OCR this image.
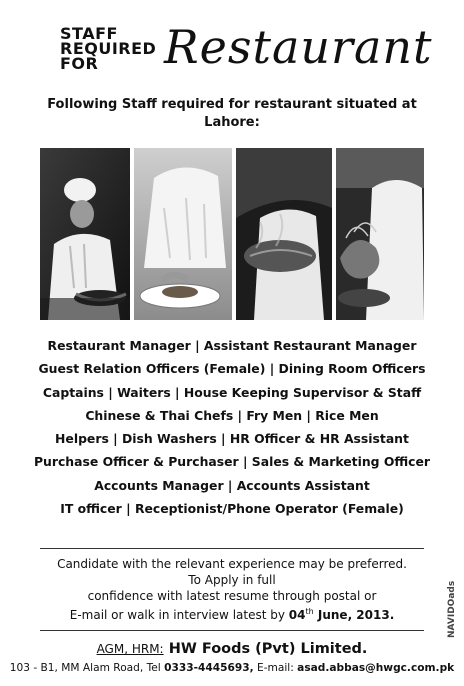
STAFF
REQUIRED
FOR	Restaurant
Following Staff required for restaurant situated at
Lahore:
Restaurant Manager | Assistant Restaurant Manager
Guest Relation Officers (Female) | Dining Room Officers
Captains | Waiters | House Keeping Supervisor & Staff
Chinese & Thai Chefs | Fry Men | Rice Men
Helpers | Dish Washers | HR Officer & HR Assistant
Purchase Officer & Purchaser | Sales & Marketing Officer
Accounts Manager | Accounts Assistant
IT officer | Receptionist/Phone Operator (Female)
Candidate with the relevant experience may be preferred.
To Apply in full
confidence with latest resume through postal or
E-mail or walk in interview latest by 04th June, 2013.
AGM, HRM: HW Foods (Pvt) Limited.
103 - B1, MM Alam Road, Tel 0333-4445693, E-mail: asad.abbas@hwgc.com.pk
NAVIDOads
